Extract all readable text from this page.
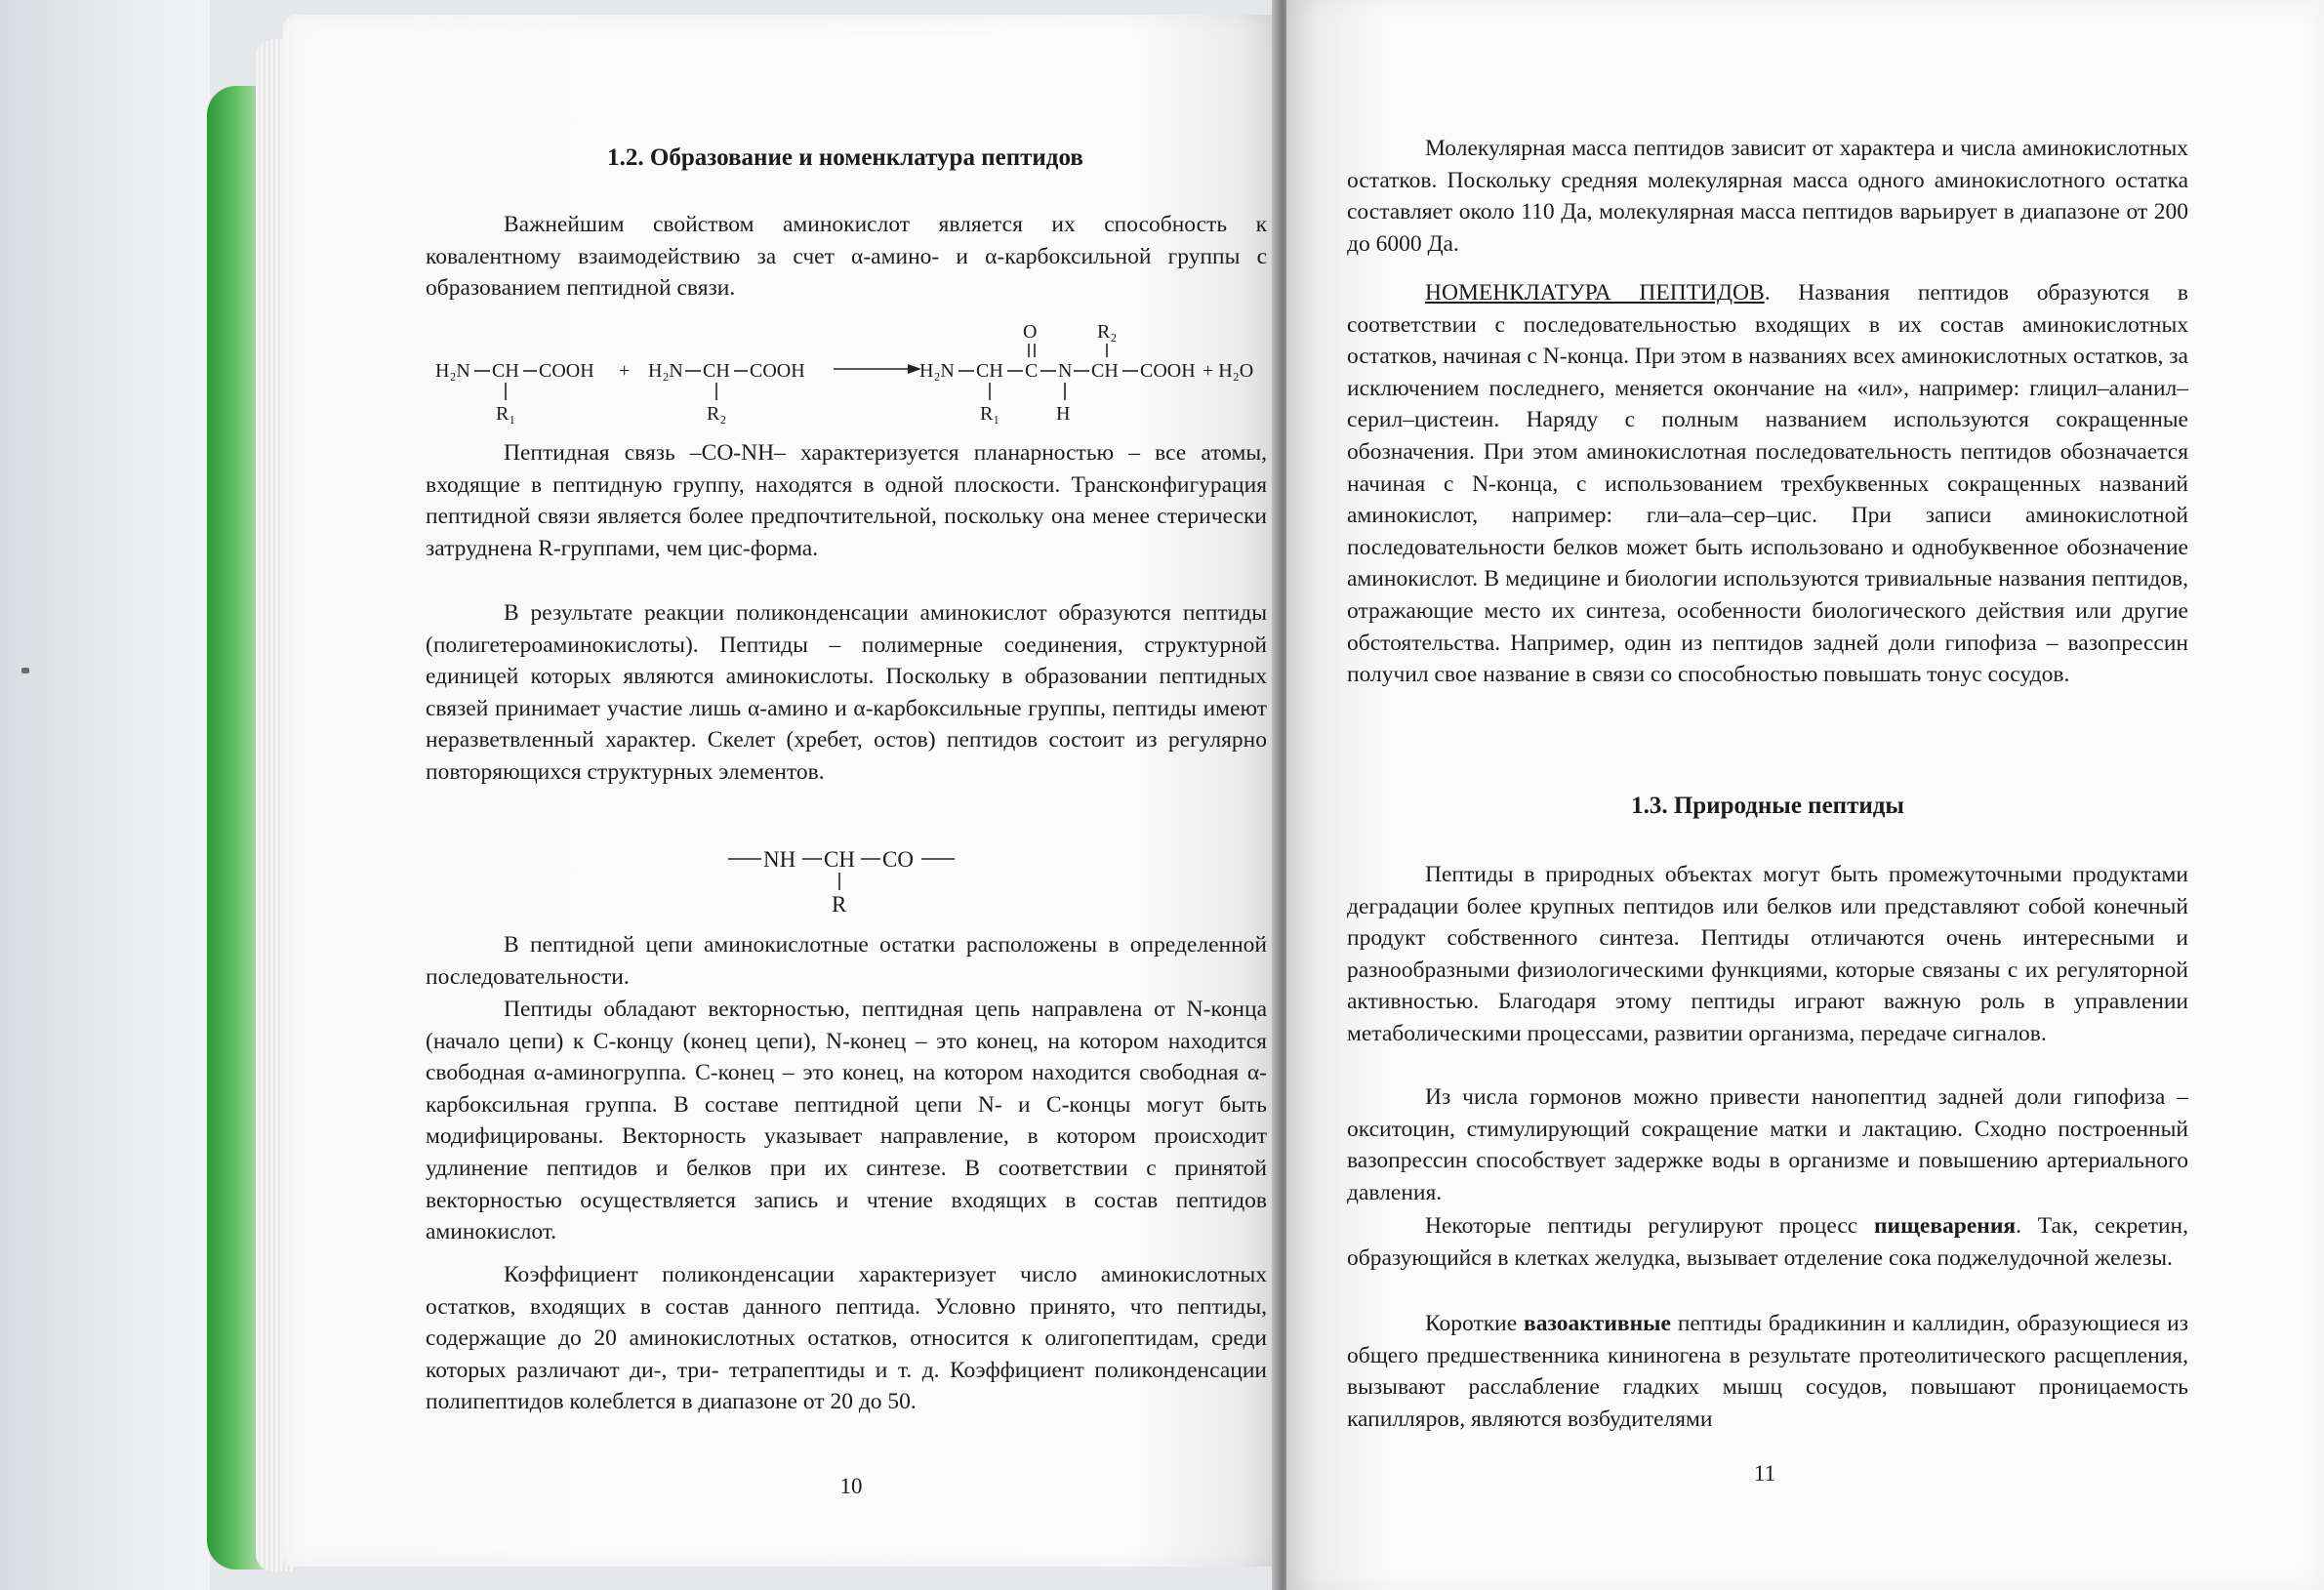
1.2. Образование и номенклатура пептидов

Важнейшим свойством аминокислот является их способность к ковалентному взаимодействию за счет α-амино- и α-карбоксильной группы с образованием пептидной связи.

Пептидная связь –CO-NH– характеризуется планарностью – все атомы, входящие в пептидную группу, находятся в одной плоскости. Трансконфигурация пептидной связи является более предпочтительной, поскольку она менее стерически затруднена R-группами, чем цис-форма.

В результате реакции поликонденсации аминокислот образуются пептиды (полигетероаминокислоты). Пептиды – полимерные соединения, структурной единицей которых являются аминокислоты. Поскольку в образовании пептидных связей принимает участие лишь α-амино и α-карбоксильные группы, пептиды имеют неразветвленный характер. Скелет (хребет, остов) пептидов состоит из регулярно повторяющихся структурных элементов.

В пептидной цепи аминокислотные остатки расположены в определенной последовательности.

Пептиды обладают векторностью, пептидная цепь направлена от N-конца (начало цепи) к C-концу (конец цепи), N-конец – это конец, на котором находится свободная α-аминогруппа. C-конец – это конец, на котором находится свободная α-карбоксильная группа. В составе пептидной цепи N- и C-концы могут быть модифицированы. Векторность указывает направление, в котором происходит удлинение пептидов и белков при их синтезе. В соответствии с принятой векторностью осуществляется запись и чтение входящих в состав пептидов аминокислот.

Коэффициент поликонденсации характеризует число аминокислотных остатков, входящих в состав данного пептида. Условно принято, что пептиды, содержащие до 20 аминокислотных остатков, относится к олигопептидам, среди которых различают ди-, три- тетрапептиды и т. д. Коэффициент поликонденсации полипептидов колеблется в диапазоне от 20 до 50.

H₂N CH COOH
R₁
+ H₂N CH COOH
R₂
H₂N CH
R₁
C
O
N
H
CH
R₂
COOH + H₂O
NH CH
R
CO
10

Молекулярная масса пептидов зависит от характера и числа аминокислотных остатков. Поскольку средняя молекулярная масса одного аминокислотного остатка составляет около 110 Да, молекулярная масса пептидов варьирует в диапазоне от 200 до 6000 Да.

НОМЕНКЛАТУРА ПЕПТИДОВ. Названия пептидов образуются в соответствии с последовательностью входящих в их состав аминокислотных остатков, начиная с N-конца. При этом в названиях всех аминокислотных остатков, за исключением последнего, меняется окончание на «ил», например: глицил–аланил–серил–цистеин. Наряду с полным названием используются сокращенные обозначения. При этом аминокислотная последовательность пептидов обозначается начиная с N-конца, с использованием трехбуквенных сокращенных названий аминокислот, например: гли–ала–сер–цис. При записи аминокислотной последовательности белков может быть использовано и однобуквенное обозначение аминокислот. В медицине и биологии используются тривиальные названия пептидов, отражающие место их синтеза, особенности биологического действия или другие обстоятельства. Например, один из пептидов задней доли гипофиза – вазопрессин получил свое название в связи со способностью повышать тонус сосудов.

Пептиды в природных объектах могут быть промежуточными продуктами деградации более крупных пептидов или белков или представляют собой конечный продукт собственного синтеза. Пептиды отличаются очень интересными и разнообразными физиологическими функциями, которые связаны с их регуляторной активностью. Благодаря этому пептиды играют важную роль в управлении метаболическими процессами, развитии организма, передаче сигналов.

Из числа гормонов можно привести нанопептид задней доли гипофиза – окситоцин, стимулирующий сокращение матки и лактацию. Сходно построенный вазопрессин способствует задержке воды в организме и повышению артериального давления.

Некоторые пептиды регулируют процесс пищеварения. Так, секретин, образующийся в клетках желудка, вызывает отделение сока поджелудочной железы.

Короткие вазоактивные пептиды брадикинин и каллидин, образующиеся из общего предшественника кининогена в результате протеолитического расщепления, вызывают расслабление гладких мышц сосудов, повышают проницаемость капилляров, являются возбудителями

1.3. Природные пептиды
11
